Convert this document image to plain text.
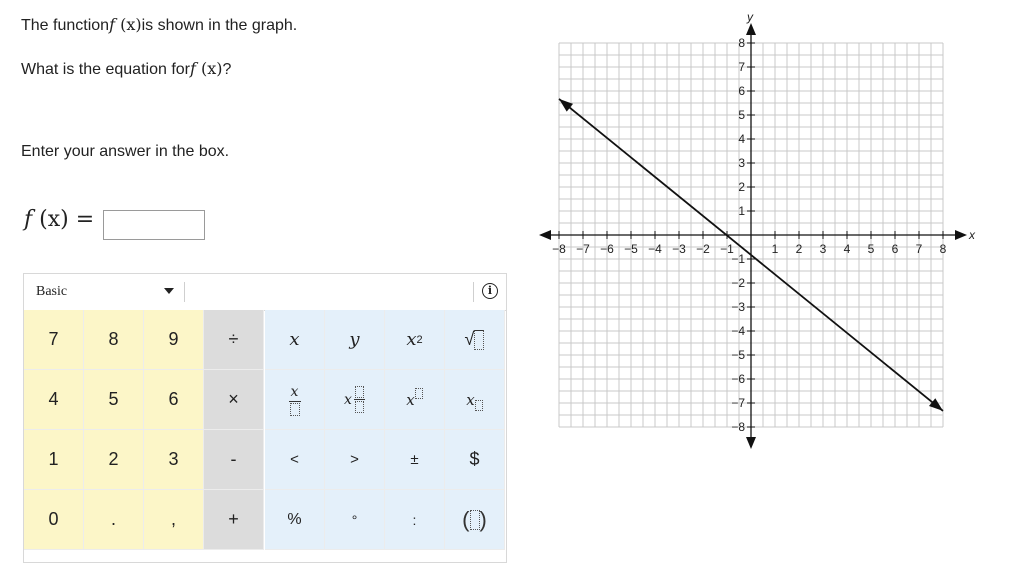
The functionf (x)is shown in the graph.
What is the equation forf (x)?
Enter your answer in the box.
f (x) =
Basic	i
7	8	9	÷	x	y	x 2 √
4	5	6	×	x	x	x	x
1	2	3	-	<	>	±	$
0	.	,	+	%	°	:	( )
−8 −7 −6 −5 −4 −3 −2 −1	1 2 3 4 5 6 7 8
8
7
6
5
4
3
2
1
−1
−2
−3
−4
−5
−6
−7
−8
x
y
